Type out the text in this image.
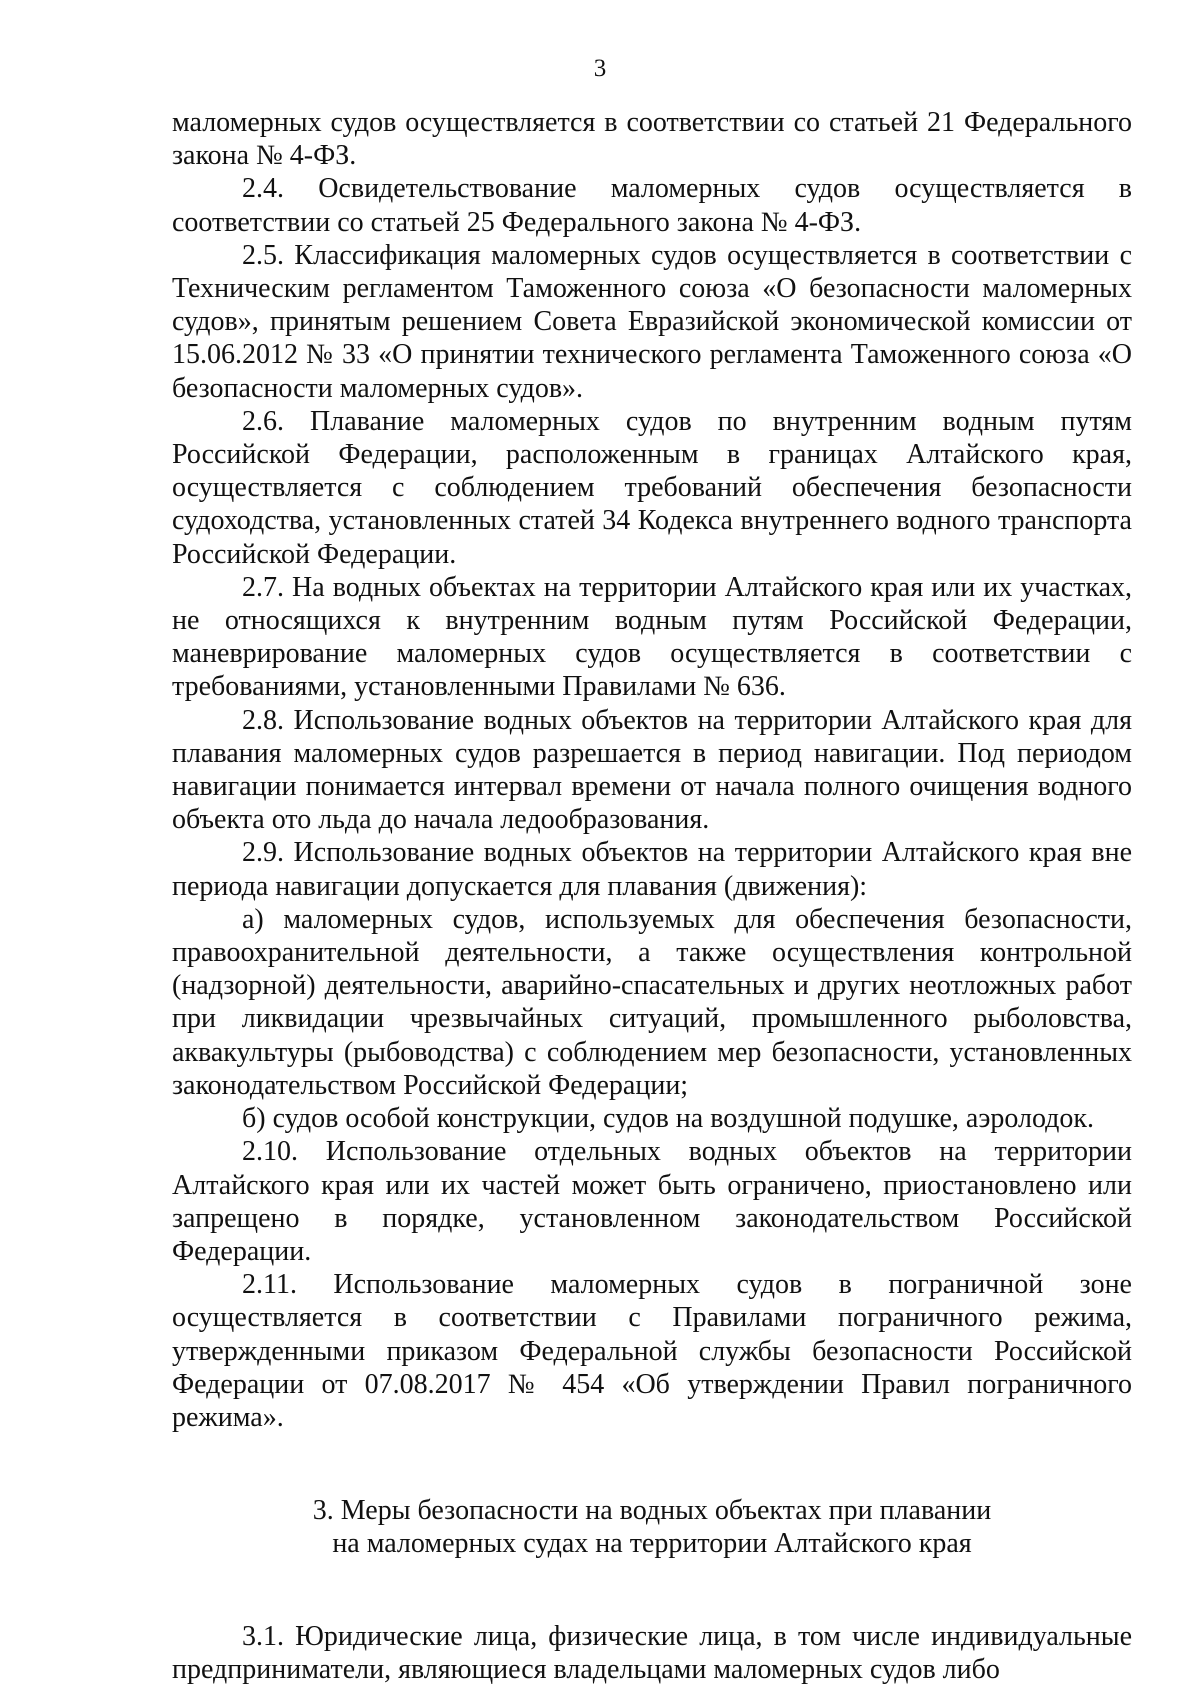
3

маломерных судов осуществляется в соответствии со статьей 21 Федерального закона № 4-ФЗ.

2.4. Освидетельствование маломерных судов осуществляется в соответствии со статьей 25 Федерального закона № 4-ФЗ.

2.5. Классификация маломерных судов осуществляется в соответствии с Техническим регламентом Таможенного союза «О безопасности маломерных судов», принятым решением Совета Евразийской экономической комиссии от 15.06.2012 № 33 «О принятии технического регламента Таможенного союза «О безопасности маломерных судов».

2.6. Плавание маломерных судов по внутренним водным путям Российской Федерации, расположенным в границах Алтайского края, осуществляется с соблюдением требований обеспечения безопасности судоходства, установленных статей 34 Кодекса внутреннего водного транспорта Российской Федерации.

2.7. На водных объектах на территории Алтайского края или их участках, не относящихся к внутренним водным путям Российской Федерации, маневрирование маломерных судов осуществляется в соответствии с требованиями, установленными Правилами № 636.

2.8. Использование водных объектов на территории Алтайского края для плавания маломерных судов разрешается в период навигации. Под периодом навигации понимается интервал времени от начала полного очищения водного объекта ото льда до начала ледообразования.

2.9. Использование водных объектов на территории Алтайского края вне периода навигации допускается для плавания (движения):

а) маломерных судов, используемых для обеспечения безопасности, правоохранительной деятельности, а также осуществления контрольной (надзорной) деятельности, аварийно-спасательных и других неотложных работ при ликвидации чрезвычайных ситуаций, промышленного рыболовства, аквакультуры (рыбоводства) с соблюдением мер безопасности, установленных законодательством Российской Федерации;

б) судов особой конструкции, судов на воздушной подушке, аэролодок.

2.10. Использование отдельных водных объектов на территории Алтайского края или их частей может быть ограничено, приостановлено или запрещено в порядке, установленном законодательством Российской Федерации.

2.11. Использование маломерных судов в пограничной зоне осуществляется в соответствии с Правилами пограничного режима, утвержденными приказом Федеральной службы безопасности Российской Федерации от 07.08.2017 № 454 «Об утверждении Правил пограничного режима».

3. Меры безопасности на водных объектах при плавании
на маломерных судах на территории Алтайского края

3.1. Юридические лица, физические лица, в том числе индивидуальные предприниматели, являющиеся владельцами маломерных судов либо
